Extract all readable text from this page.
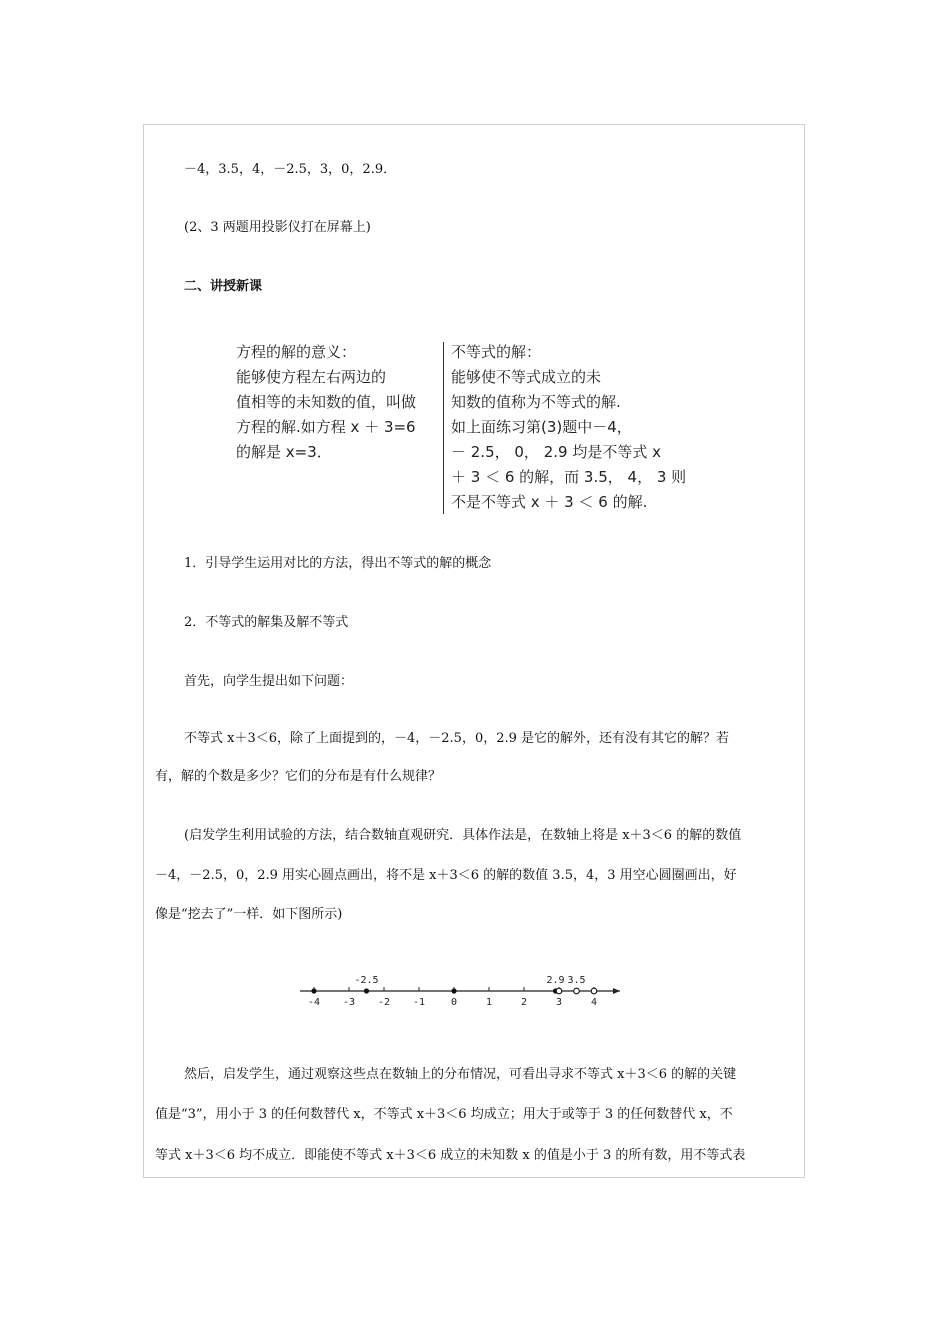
－4，3.5，4，－2.5，3，0，2.9．
(2、3 两题用投影仪打在屏幕上)
二、讲授新课
方程的解的意义：
能够使方程左右两边的
值相等的未知数的值，叫做
方程的解.如方程 x ＋ 3=6
的解是 x=3．
不等式的解：
能够使不等式成立的未
知数的值称为不等式的解.
如上面练习第(3)题中－4，
－ 2.5， 0， 2.9 均是不等式 x
＋ 3 ＜ 6 的解，而 3.5， 4， 3 则
不是不等式 x ＋ 3 ＜ 6 的解.
1．引导学生运用对比的方法，得出不等式的解的概念
2．不等式的解集及解不等式
首先，向学生提出如下问题：
不等式 x＋3＜6，除了上面提到的，－4，－2.5，0，2.9 是它的解外，还有没有其它的解？若
有，解的个数是多少？它们的分布是有什么规律？
(启发学生利用试验的方法，结合数轴直观研究．具体作法是，在数轴上将是 x＋3＜6 的解的数值
－4，－2.5，0，2.9 用实心圆点画出，将不是 x＋3＜6 的解的数值 3.5，4，3 用空心圆圈画出，好
像是“挖去了”一样．如下图所示)
-4 -3 -2 -1	0	1	2	3	4
-2.5	2.9 3.5
然后，启发学生，通过观察这些点在数轴上的分布情况，可看出寻求不等式 x＋3＜6 的解的关键
值是“3”，用小于 3 的任何数替代 x，不等式 x＋3＜6 均成立；用大于或等于 3 的任何数替代 x，不
等式 x＋3＜6 均不成立．即能使不等式 x＋3＜6 成立的未知数 x 的值是小于 3 的所有数，用不等式表
